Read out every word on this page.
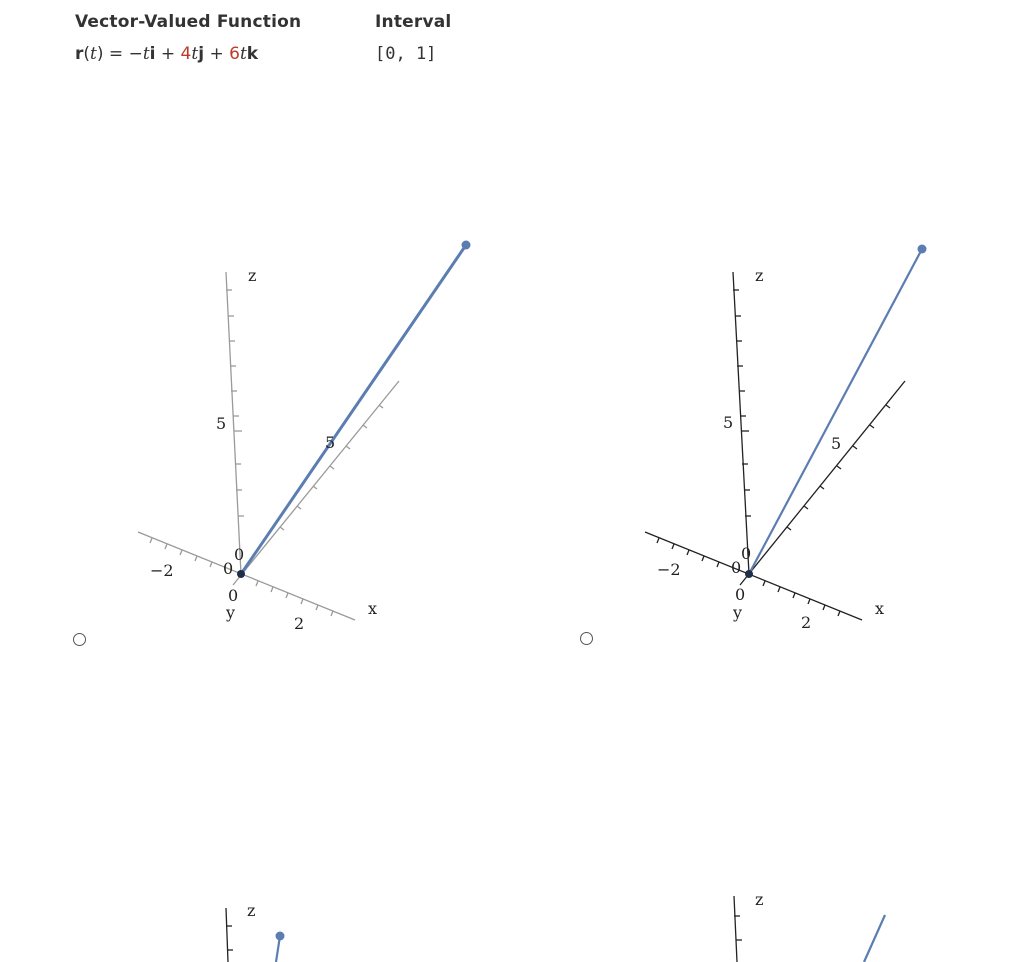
Vector-Valued Function	Interval
r(t) = −ti + 4tj + 6tk	[0, 1]
z
x
y
5
5
−2
0
0
0
2
z
x
y
5
5
−2
0
0
0
2
z
z
